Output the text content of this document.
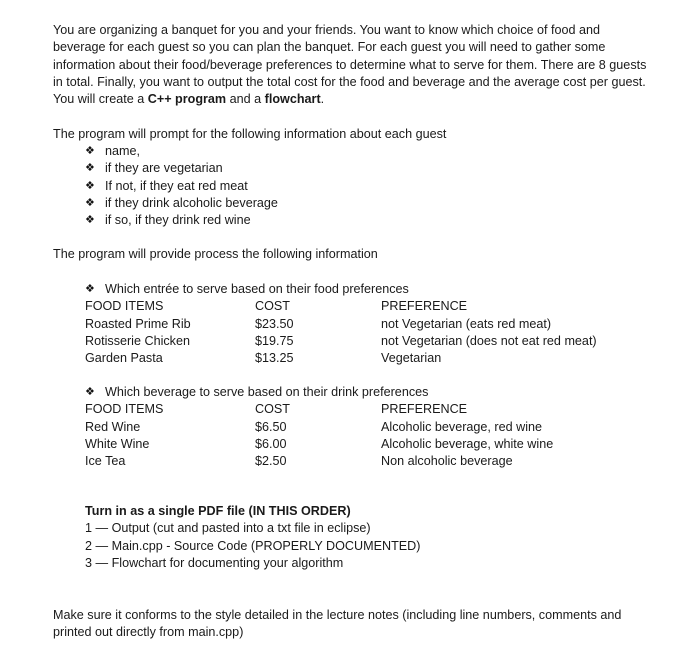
You are organizing a banquet for you and your friends. You want to know which choice of food and beverage for each guest so you can plan the banquet. For each guest you will need to gather some information about their food/beverage preferences to determine what to serve for them. There are 8 guests in total. Finally, you want to output the total cost for the food and beverage and the average cost per guest. You will create a C++ program and a flowchart.

The program will prompt for the following information about each guest
❖ name,
❖ if they are vegetarian
❖ If not, if they eat red meat
❖ if they drink alcoholic beverage
❖ if so, if they drink red wine
The program will provide process the following information
❖ Which entrée to serve based on their food preferences
FOOD ITEMS	COST	PREFERENCE
Roasted Prime Rib	$23.50	not Vegetarian (eats red meat)
Rotisserie Chicken	$19.75	not Vegetarian (does not eat red meat)
Garden Pasta	$13.25	Vegetarian
❖ Which beverage to serve based on their drink preferences
FOOD ITEMS	COST	PREFERENCE
Red Wine	$6.50	Alcoholic beverage, red wine
White Wine	$6.00	Alcoholic beverage, white wine
Ice Tea	$2.50	Non alcoholic beverage
Turn in as a single PDF file (IN THIS ORDER)
1 — Output (cut and pasted into a txt file in eclipse)
2 — Main.cpp - Source Code (PROPERLY DOCUMENTED)
3 — Flowchart for documenting your algorithm

Make sure it conforms to the style detailed in the lecture notes (including line numbers, comments and printed out directly from main.cpp)
